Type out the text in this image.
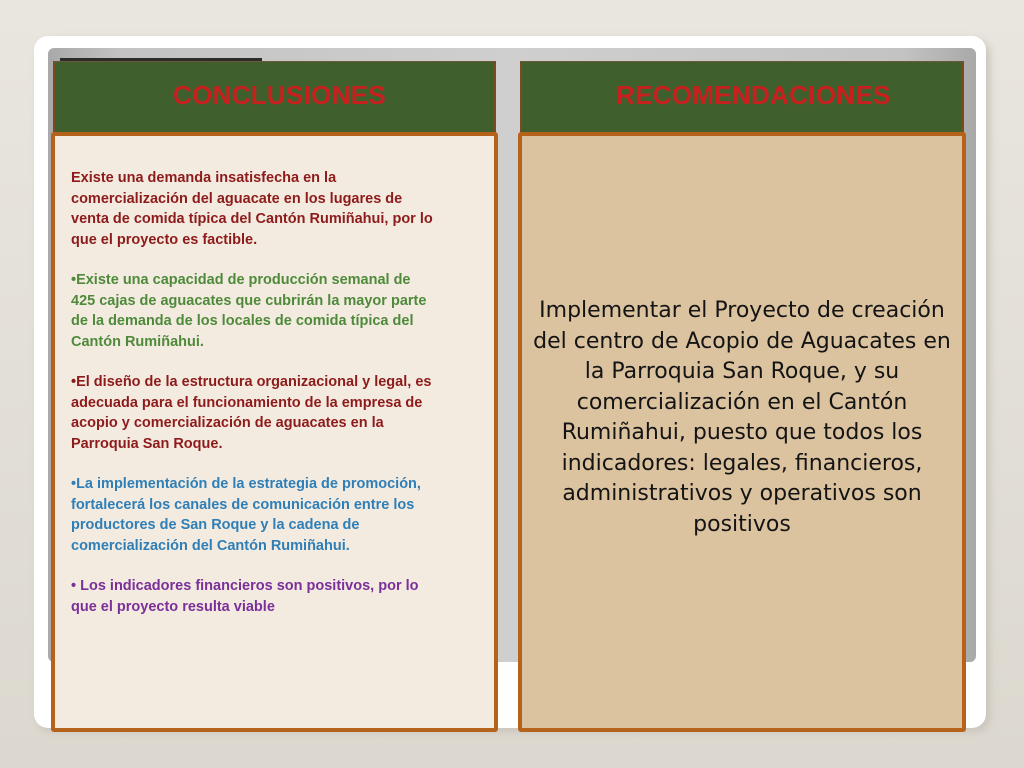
CONCLUSIONES	RECOMENDACIONES

Existe una demanda insatisfecha en la comercialización del aguacate en los lugares de venta de comida típica del Cantón Rumiñahui, por lo que el proyecto es factible.

•Existe una capacidad de producción semanal de 425 cajas de aguacates que cubrirán la mayor parte de la demanda de los locales de comida típica del Cantón Rumiñahui.

•El diseño de la estructura organizacional y legal, es adecuada para el funcionamiento de la empresa de acopio y comercialización de aguacates en la Parroquia San Roque.

•La implementación de la estrategia de promoción, fortalecerá los canales de comunicación entre los productores de San Roque y la cadena de comercialización del Cantón Rumiñahui.

• Los indicadores financieros son positivos, por lo que el proyecto resulta viable

Implementar el Proyecto de creación del centro de Acopio de Aguacates en la Parroquia San Roque, y su comercialización en el Cantón Rumiñahui, puesto que todos los indicadores: legales, financieros, administrativos y operativos son positivos
